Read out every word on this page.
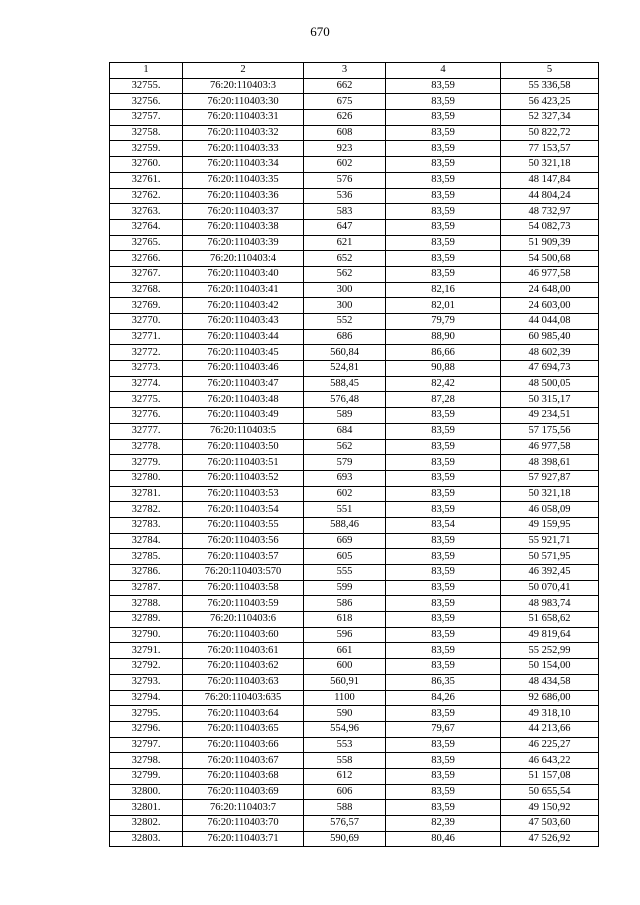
670
1	2	3	4	5
32755.	76:20:110403:3	662	83,59	55 336,58
32756.	76:20:110403:30	675	83,59	56 423,25
32757.	76:20:110403:31	626	83,59	52 327,34
32758.	76:20:110403:32	608	83,59	50 822,72
32759.	76:20:110403:33	923	83,59	77 153,57
32760.	76:20:110403:34	602	83,59	50 321,18
32761.	76:20:110403:35	576	83,59	48 147,84
32762.	76:20:110403:36	536	83,59	44 804,24
32763.	76:20:110403:37	583	83,59	48 732,97
32764.	76:20:110403:38	647	83,59	54 082,73
32765.	76:20:110403:39	621	83,59	51 909,39
32766.	76:20:110403:4	652	83,59	54 500,68
32767.	76:20:110403:40	562	83,59	46 977,58
32768.	76:20:110403:41	300	82,16	24 648,00
32769.	76:20:110403:42	300	82,01	24 603,00
32770.	76:20:110403:43	552	79,79	44 044,08
32771.	76:20:110403:44	686	88,90	60 985,40
32772.	76:20:110403:45	560,84	86,66	48 602,39
32773.	76:20:110403:46	524,81	90,88	47 694,73
32774.	76:20:110403:47	588,45	82,42	48 500,05
32775.	76:20:110403:48	576,48	87,28	50 315,17
32776.	76:20:110403:49	589	83,59	49 234,51
32777.	76:20:110403:5	684	83,59	57 175,56
32778.	76:20:110403:50	562	83,59	46 977,58
32779.	76:20:110403:51	579	83,59	48 398,61
32780.	76:20:110403:52	693	83,59	57 927,87
32781.	76:20:110403:53	602	83,59	50 321,18
32782.	76:20:110403:54	551	83,59	46 058,09
32783.	76:20:110403:55	588,46	83,54	49 159,95
32784.	76:20:110403:56	669	83,59	55 921,71
32785.	76:20:110403:57	605	83,59	50 571,95
32786.	76:20:110403:570	555	83,59	46 392,45
32787.	76:20:110403:58	599	83,59	50 070,41
32788.	76:20:110403:59	586	83,59	48 983,74
32789.	76:20:110403:6	618	83,59	51 658,62
32790.	76:20:110403:60	596	83,59	49 819,64
32791.	76:20:110403:61	661	83,59	55 252,99
32792.	76:20:110403:62	600	83,59	50 154,00
32793.	76:20:110403:63	560,91	86,35	48 434,58
32794.	76:20:110403:635	1100	84,26	92 686,00
32795.	76:20:110403:64	590	83,59	49 318,10
32796.	76:20:110403:65	554,96	79,67	44 213,66
32797.	76:20:110403:66	553	83,59	46 225,27
32798.	76:20:110403:67	558	83,59	46 643,22
32799.	76:20:110403:68	612	83,59	51 157,08
32800.	76:20:110403:69	606	83,59	50 655,54
32801.	76:20:110403:7	588	83,59	49 150,92
32802.	76:20:110403:70	576,57	82,39	47 503,60
32803.	76:20:110403:71	590,69	80,46	47 526,92
